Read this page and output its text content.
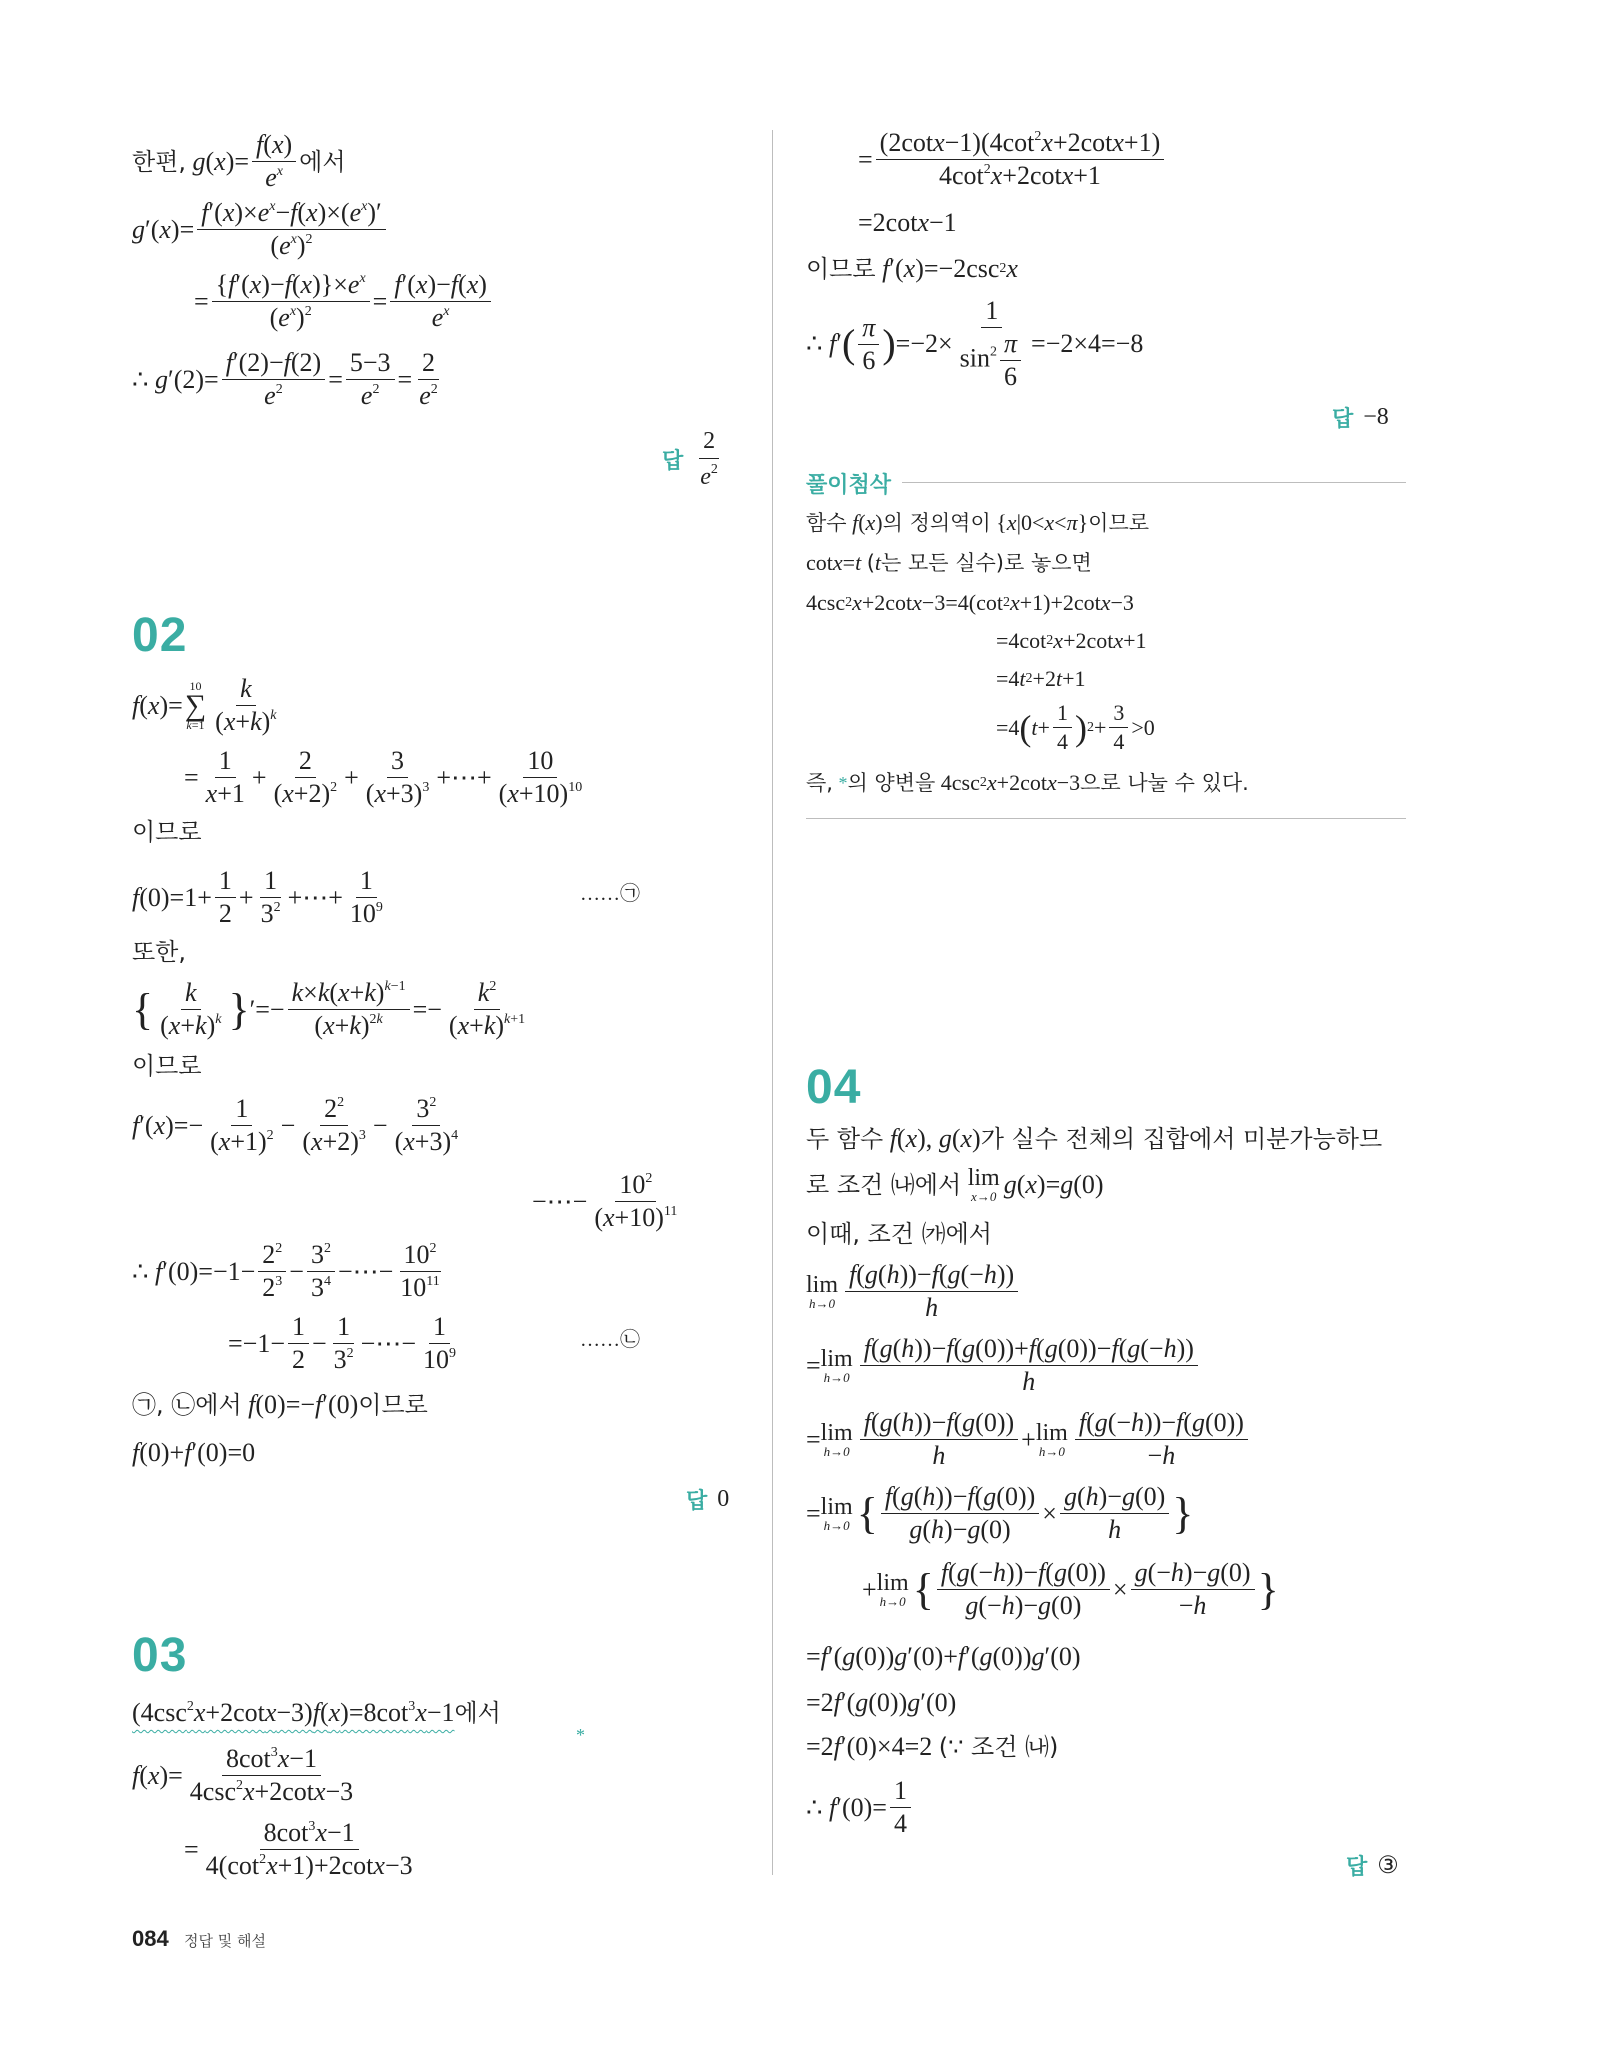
한편,
g ( x )= $\frac{f(x)}{e^x}$ 에서
g ′( x )= $\frac{f'(x)\times e^x-f(x)\times(e^x)'}{(e^x)^2}$
= $\frac{\{f'(x)-f(x)\}\times e^x}{(e^x)^2} = \frac{f'(x)-f(x)}{e^x}$
∴ g $'(2)= \frac{f'(2)-f(2)}{e^2} = \frac{5-3}{e^2} = \frac{2}{e^2}$
답 $\frac{2}{e^2}$
02
f ( x )=
10
∑
$k=1 \frac{k}{(x+k)^k}$
= $\frac{1}{x+1} + \frac{2}{(x+2)^2} + \frac{3}{(x+3)^3}$ +⋯+ $\frac{10}{(x+10)^{10}}$
이므로
f $(0)=1+ \frac{1}{2} + \frac{1}{3^2}$ +⋯+ $\frac{1}{10^9}$	……㉠
또한,
{ $\frac{k}{(x+k)^k}$ } ′=− $\frac{k\times k(x+k)^{k-1}}{(x+k)^{2k}} =- \frac{k^2}{(x+k)^{k+1}}$
이므로
f ′( x )=− $\frac{1}{(x+1)^2} - \frac{2^2}{(x+2)^3} - \frac{3^2}{(x+3)^4}$
−⋯− $\frac{10^2}{(x+10)^{11}}$
∴ f $'(0)=-1- \frac{2^2}{2^3} - \frac{3^2}{3^4}$ −⋯− $\frac{10^2}{10^{11}}$
$=-1- \frac{1}{2} - \frac{1}{3^2}$ −⋯− $\frac{1}{10^9}$	……㉡
㉠, ㉡에서
f (0)=− f ′(0) 이므로
f (0)+ f ′(0)=0
답 0
03
$(4\csc^2x+2\cot x-3)f(x)=8\cot^3x-1$ 에서
*
f ( x )= $\frac{8\cot^3x-1}{4\csc^2x+2\cot x-3}$
= $\frac{8\cot^3x-1}{4(\cot^2x+1)+2\cot x-3}$
= $\frac{(2\cot x-1)(4\cot^2x+2\cot x+1)}{4\cot^2x+2\cot x+1}$
=2cot x −1
이므로
f ′( x )=−2csc 2 x
∴ f ′ ( $\frac{\pi}{6}$ ) $=-2\times \frac{1}{\sin^2 \frac{\pi}{6}} =-2\times 4=-8$
답 −8
풀이첨삭
함수
f ( x ) 의 정의역이 { x |0< x < π } 이므로
cot x = t
( t 는 모든 실수)로 놓으면
4csc 2 x +2cot x −3=4(cot 2 x +1)+2cot x −3
=4cot 2 x +2cot x +1
=4 t 2 +2 t +1
=4 ( $t + \frac{1}{4}$ ) $2 + \frac{3}{4} >0$
즉,
* 의 양변을 4csc 2 x +2cot x −3 으로 나눌 수 있다.
04
두 함수
f ( x ), g ( x ) 가 실수 전체의 집합에서 미분가능하므
로 조건 ㈏에서
lim
x→0 g ( x )= g (0)
이때, 조건 ㈎에서
lim
$h\to 0 \frac{f(g(h))-f(g(-h))}{h}$
= lim
$h\to 0 \frac{f(g(h))-f(g(0))+f(g(0))-f(g(-h))}{h}$
= lim
$h\to 0 \frac{f(g(h))-f(g(0))}{h} + \lim$
$h\to 0 \frac{f(g(-h))-f(g(0))}{-h}$
= lim
h→0 { $\frac{f(g(h))-f(g(0))}{g(h)-g(0)} \times \frac{g(h)-g(0)}{h}$ }
+ lim
h→0 { $\frac{f(g(-h))-f(g(0))}{g(-h)-g(0)} \times \frac{g(-h)-g(0)}{-h}$ }
= f ′( g (0)) g ′(0)+ f ′( g (0)) g ′(0)
=2 f ′( g (0)) g ′(0)
=2 f ′(0)×4=2 (∵ 조건 ㈏)
∴ f $'(0)= \frac{1}{4}$
답 ③
084 정답 및 해설
